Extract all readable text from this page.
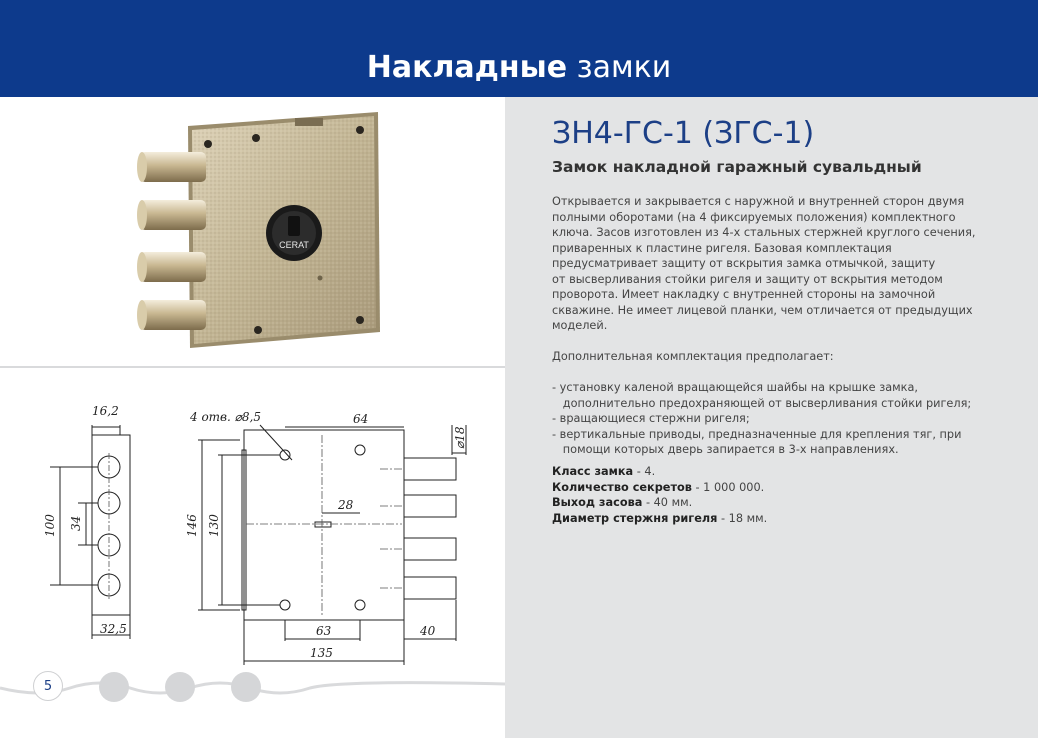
Накладные замки
ЗН4-ГС-1 (ЗГС-1)
Замок накладной гаражный сувальдный

Открывается и закрывается с наружной и внутренней сторон двумя

полными оборотами (на 4 фиксируемых положения) комплектного

ключа. Засов изготовлен из 4-х стальных стержней круглого сечения,

приваренных к пластине ригеля. Базовая комплектация

предусматривает защиту от вскрытия замка отмычкой, защиту

от высверливания стойки ригеля и защиту от вскрытия методом

проворота. Имеет накладку с внутренней стороны на замочной

скважине. Не имеет лицевой планки, чем отличается от предыдущих

моделей.

Дополнительная комплектация предполагает:

- установку каленой вращающейся шайбы на крышке замка,

дополнительно предохраняющей от высверливания стойки ригеля;

- вращающиеся стержни ригеля;

- вертикальные приводы, предназначенные для крепления тяг, при

помощи которых дверь запирается в 3-х направлениях.

Класс замка - 4.
Количество секретов - 1 000 000.
Выход засова - 40 мм.
Диаметр стержня ригеля - 18 мм.
CERAT
16,2
100 34
32,5
4 отв. ⌀8,5	64
⌀18
28
146 130
63	40
135
5
